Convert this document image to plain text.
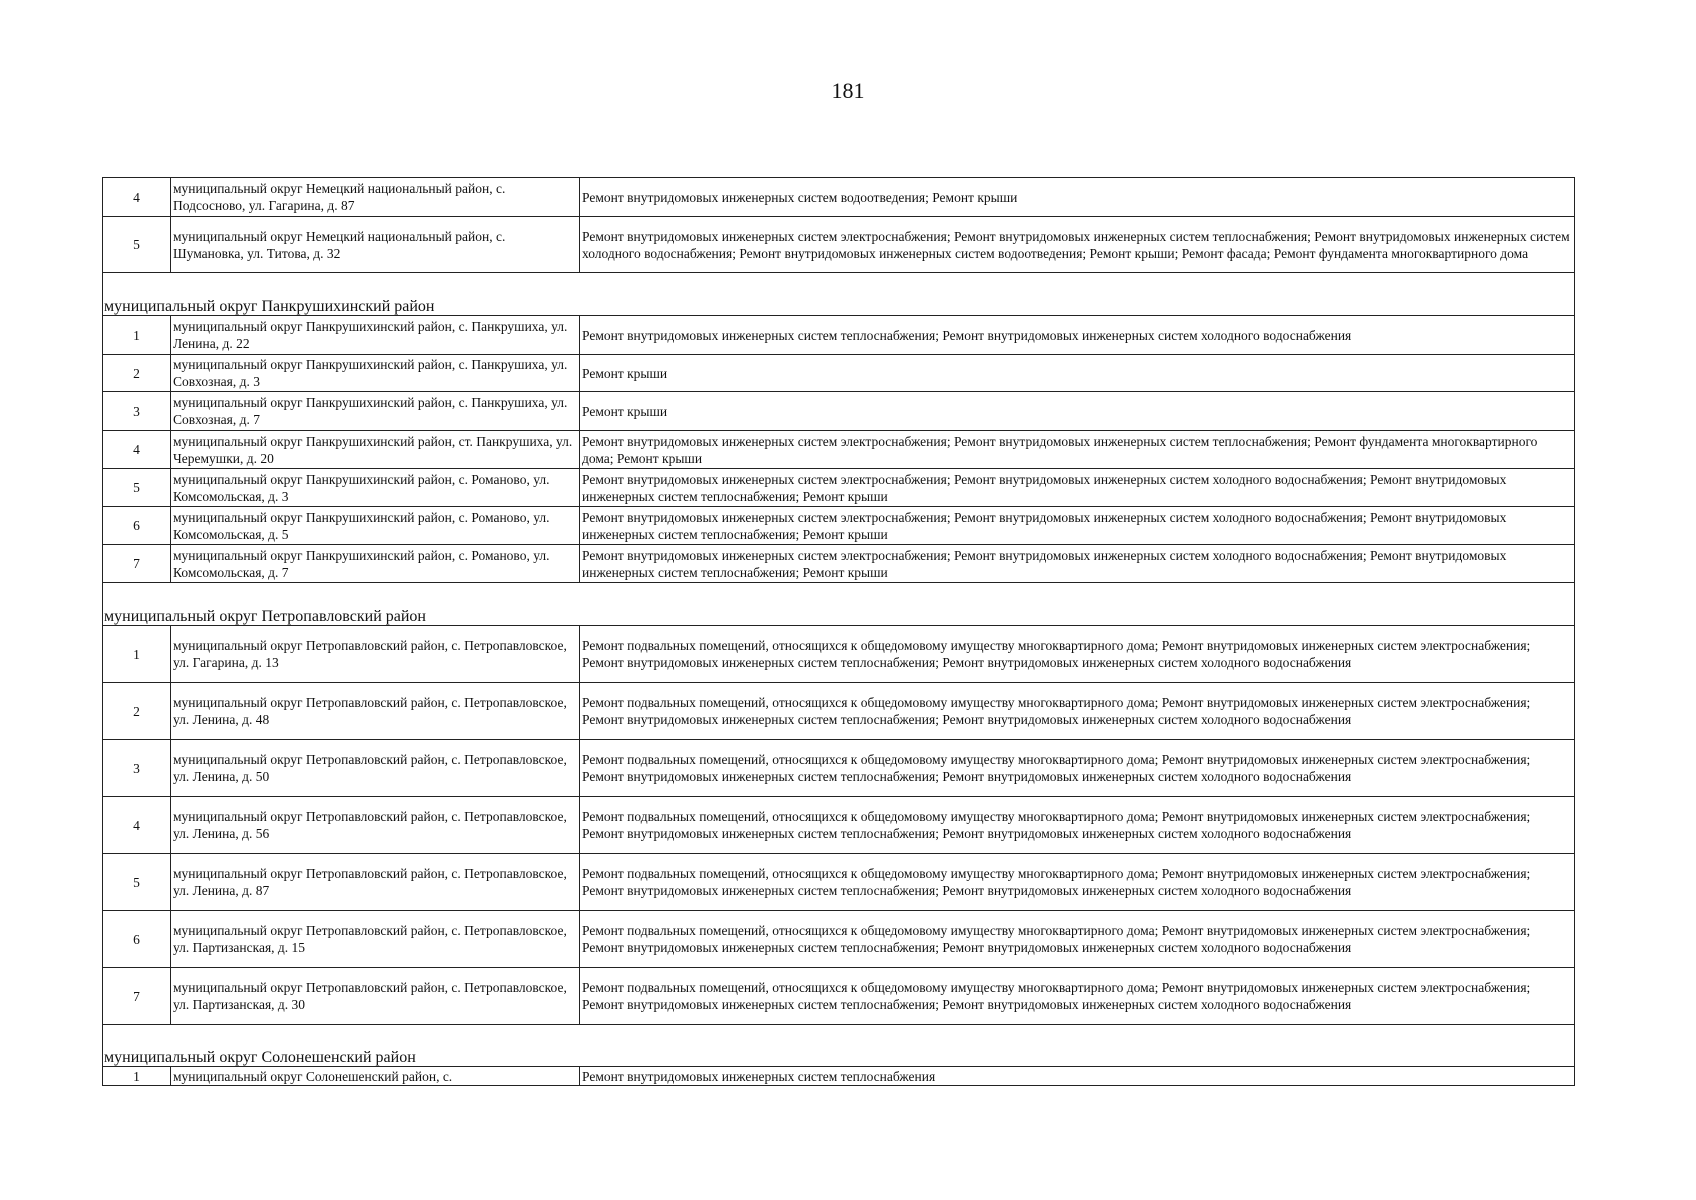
181
4	муниципальный округ Немецкий национальный район, с. Подсосново, ул. Гагарина, д. 87	Ремонт внутридомовых инженерных систем водоотведения; Ремонт крыши
5	муниципальный округ Немецкий национальный район, с. Шумановка, ул. Титова, д. 32	Ремонт внутридомовых инженерных систем электроснабжения; Ремонт внутридомовых инженерных систем теплоснабжения; Ремонт внутридомовых инженерных систем холодного водоснабжения; Ремонт внутридомовых инженерных систем водоотведения; Ремонт крыши; Ремонт фасада; Ремонт фундамента многоквартирного дома
муниципальный округ Панкрушихинский район		
1	муниципальный округ Панкрушихинский район, с. Панкрушиха, ул. Ленина, д. 22	Ремонт внутридомовых инженерных систем теплоснабжения; Ремонт внутридомовых инженерных систем холодного водоснабжения
2	муниципальный округ Панкрушихинский район, с. Панкрушиха, ул. Совхозная, д. 3	Ремонт крыши
3	муниципальный округ Панкрушихинский район, с. Панкрушиха, ул. Совхозная, д. 7	Ремонт крыши
4	муниципальный округ Панкрушихинский район, ст. Панкрушиха, ул. Черемушки, д. 20	Ремонт внутридомовых инженерных систем электроснабжения; Ремонт внутридомовых инженерных систем теплоснабжения; Ремонт фундамента многоквартирного дома; Ремонт крыши
5	муниципальный округ Панкрушихинский район, с. Романово, ул. Комсомольская, д. 3	Ремонт внутридомовых инженерных систем электроснабжения; Ремонт внутридомовых инженерных систем холодного водоснабжения; Ремонт внутридомовых инженерных систем теплоснабжения; Ремонт крыши
6	муниципальный округ Панкрушихинский район, с. Романово, ул. Комсомольская, д. 5	Ремонт внутридомовых инженерных систем электроснабжения; Ремонт внутридомовых инженерных систем холодного водоснабжения; Ремонт внутридомовых инженерных систем теплоснабжения; Ремонт крыши
7	муниципальный округ Панкрушихинский район, с. Романово, ул. Комсомольская, д. 7	Ремонт внутридомовых инженерных систем электроснабжения; Ремонт внутридомовых инженерных систем холодного водоснабжения; Ремонт внутридомовых инженерных систем теплоснабжения; Ремонт крыши
муниципальный округ Петропавловский район		
1	муниципальный округ Петропавловский район, с. Петропавловское, ул. Гагарина, д. 13	Ремонт подвальных помещений, относящихся к общедомовому имуществу многоквартирного дома; Ремонт внутридомовых инженерных систем электроснабжения; Ремонт внутридомовых инженерных систем теплоснабжения; Ремонт внутридомовых инженерных систем холодного водоснабжения
2	муниципальный округ Петропавловский район, с. Петропавловское, ул. Ленина, д. 48	Ремонт подвальных помещений, относящихся к общедомовому имуществу многоквартирного дома; Ремонт внутридомовых инженерных систем электроснабжения; Ремонт внутридомовых инженерных систем теплоснабжения; Ремонт внутридомовых инженерных систем холодного водоснабжения
3	муниципальный округ Петропавловский район, с. Петропавловское, ул. Ленина, д. 50	Ремонт подвальных помещений, относящихся к общедомовому имуществу многоквартирного дома; Ремонт внутридомовых инженерных систем электроснабжения; Ремонт внутридомовых инженерных систем теплоснабжения; Ремонт внутридомовых инженерных систем холодного водоснабжения
4	муниципальный округ Петропавловский район, с. Петропавловское, ул. Ленина, д. 56	Ремонт подвальных помещений, относящихся к общедомовому имуществу многоквартирного дома; Ремонт внутридомовых инженерных систем электроснабжения; Ремонт внутридомовых инженерных систем теплоснабжения; Ремонт внутридомовых инженерных систем холодного водоснабжения
5	муниципальный округ Петропавловский район, с. Петропавловское, ул. Ленина, д. 87	Ремонт подвальных помещений, относящихся к общедомовому имуществу многоквартирного дома; Ремонт внутридомовых инженерных систем электроснабжения; Ремонт внутридомовых инженерных систем теплоснабжения; Ремонт внутридомовых инженерных систем холодного водоснабжения
6	муниципальный округ Петропавловский район, с. Петропавловское, ул. Партизанская, д. 15	Ремонт подвальных помещений, относящихся к общедомовому имуществу многоквартирного дома; Ремонт внутридомовых инженерных систем электроснабжения; Ремонт внутридомовых инженерных систем теплоснабжения; Ремонт внутридомовых инженерных систем холодного водоснабжения
7	муниципальный округ Петропавловский район, с. Петропавловское, ул. Партизанская, д. 30	Ремонт подвальных помещений, относящихся к общедомовому имуществу многоквартирного дома; Ремонт внутридомовых инженерных систем электроснабжения; Ремонт внутридомовых инженерных систем теплоснабжения; Ремонт внутридомовых инженерных систем холодного водоснабжения
муниципальный округ Солонешенский район		
1	муниципальный округ Солонешенский район, с.	Ремонт внутридомовых инженерных систем теплоснабжения
